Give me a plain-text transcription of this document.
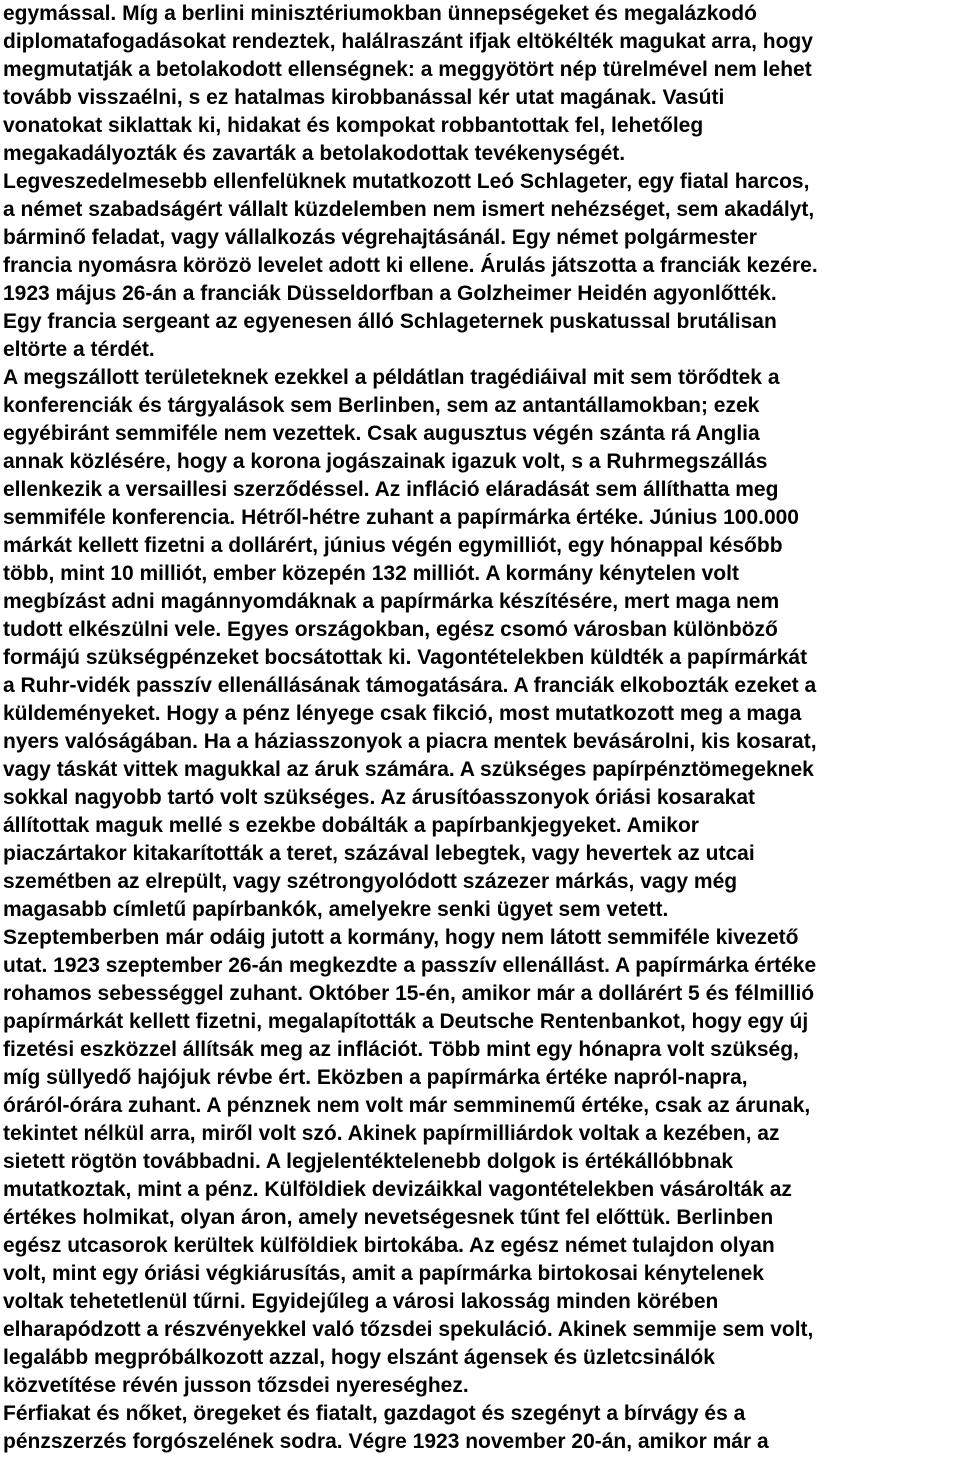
egymással. Míg a berlini minisztériumokban ünnepségeket és megalázkodó
diplomatafogadásokat rendeztek, halálraszánt ifjak eltökélték magukat arra, hogy
megmutatják a betolakodott ellenségnek: a meggyötört nép türelmével nem lehet
tovább visszaélni, s ez hatalmas kirobbanással kér utat magának. Vasúti
vonatokat siklattak ki, hidakat és kompokat robbantottak fel, lehetőleg
megakadályozták és zavarták a betolakodottak tevékenységét.
Legveszedelmesebb ellenfelüknek mutatkozott Leó Schlageter, egy fiatal harcos,
a német szabadságért vállalt küzdelemben nem ismert nehézséget, sem akadályt,
bárminő feladat, vagy vállalkozás végrehajtásánál. Egy német polgármester
francia nyomásra körözö levelet adott ki ellene. Árulás játszotta a franciák kezére.
1923 május 26-án a franciák Düsseldorfban a Golzheimer Heidén agyonlőtték.
Egy francia sergeant az egyenesen álló Schlageternek puskatussal brutálisan
eltörte a térdét.
A megszállott területeknek ezekkel a példátlan tragédiáival mit sem törődtek a
konferenciák és tárgyalások sem Berlinben, sem az antantállamokban; ezek
egyébiránt semmiféle nem vezettek. Csak augusztus végén szánta rá Anglia
annak közlésére, hogy a korona jogászainak igazuk volt, s a Ruhrmegszállás
ellenkezik a versaillesi szerződéssel. Az infláció eláradását sem állíthatta meg
semmiféle konferencia. Hétről-hétre zuhant a papírmárka értéke. Június 100.000
márkát kellett fizetni a dollárért, június végén egymilliót, egy hónappal később
több, mint 10 milliót, ember közepén 132 milliót. A kormány kénytelen volt
megbízást adni magánnyomdáknak a papírmárka készítésére, mert maga nem
tudott elkészülni vele. Egyes országokban, egész csomó városban különböző
formájú szükségpénzeket bocsátottak ki. Vagontételekben küldték a papírmárkát
a Ruhr-vidék passzív ellenállásának támogatására. A franciák elkobozták ezeket a
küldeményeket. Hogy a pénz lényege csak fikció, most mutatkozott meg a maga
nyers valóságában. Ha a háziasszonyok a piacra mentek bevásárolni, kis kosarat,
vagy táskát vittek magukkal az áruk számára. A szükséges papírpénztömegeknek
sokkal nagyobb tartó volt szükséges. Az árusítóasszonyok óriási kosarakat
állítottak maguk mellé s ezekbe dobálták a papírbankjegyeket. Amikor
piaczártakor kitakarították a teret, százával lebegtek, vagy hevertek az utcai
szemétben az elrepült, vagy szétrongyolódott százezer márkás, vagy még
magasabb címletű papírbankók, amelyekre senki ügyet sem vetett.
Szeptemberben már odáig jutott a kormány, hogy nem látott semmiféle kivezető
utat. 1923 szeptember 26-án megkezdte a passzív ellenállást. A papírmárka értéke
rohamos sebességgel zuhant. Október 15-én, amikor már a dollárért 5 és félmillió
papírmárkát kellett fizetni, megalapították a Deutsche Rentenbankot, hogy egy új
fizetési eszközzel állítsák meg az inflációt. Több mint egy hónapra volt szükség,
míg süllyedő hajójuk révbe ért. Eközben a papírmárka értéke napról-napra,
óráról-órára zuhant. A pénznek nem volt már semminemű értéke, csak az árunak,
tekintet nélkül arra, miről volt szó. Akinek papírmilliárdok voltak a kezében, az
sietett rögtön továbbadni. A legjelentéktelenebb dolgok is értékállóbbnak
mutatkoztak, mint a pénz. Külföldiek devizáikkal vagontételekben vásárolták az
értékes holmikat, olyan áron, amely nevetségesnek tűnt fel előttük. Berlinben
egész utcasorok kerültek külföldiek birtokába. Az egész német tulajdon olyan
volt, mint egy óriási végkiárusítás, amit a papírmárka birtokosai kénytelenek
voltak tehetetlenül tűrni. Egyidejűleg a városi lakosság minden körében
elharapódzott a részvényekkel való tőzsdei spekuláció. Akinek semmije sem volt,
legalább megpróbálkozott azzal, hogy elszánt ágensek és üzletcsinálók
közvetítése révén jusson tőzsdei nyereséghez.
Férfiakat és nőket, öregeket és fiatalt, gazdagot és szegényt a bírvágy és a
pénzszerzés forgószelének sodra. Végre 1923 november 20-án, amikor már a
